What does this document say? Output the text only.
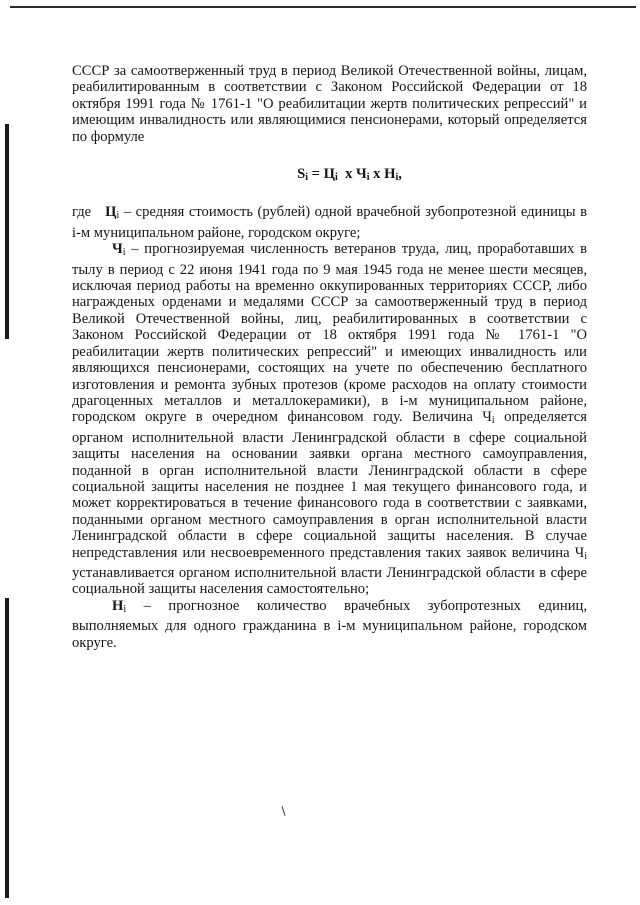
СССР за самоотверженный труд в период Великой Отечественной войны, лицам, реабилитированным в соответствии с Законом Российской Федерации от 18 октября 1991 года № 1761-1 "О реабилитации жертв политических репрессий" и имеющим инвалидность или являющимися пенсионерами, который определяется по формуле

$S_i = Ц_i$  x $Ч_i$ x $Н_i$,

где $Ц_i$ – средняя стоимость (рублей) одной врачебной зубопротезной единицы в i-м муниципальном районе, городском округе;

$Ч_i$ – прогнозируемая численность ветеранов труда, лиц, проработавших в тылу в период с 22 июня 1941 года по 9 мая 1945 года не менее шести месяцев, исключая период работы на временно оккупированных территориях СССР, либо награжденых орденами и медалями СССР за самоотверженный труд в период Великой Отечественной войны, лиц, реабилитированных в соответствии с Законом Российской Федерации от 18 октября 1991 года № 1761-1 "О реабилитации жертв политических репрессий" и имеющих инвалидность или являющихся пенсионерами, состоящих на учете по обеспечению бесплатного изготовления и ремонта зубных протезов (кроме расходов на оплату стоимости драгоценных металлов и металлокерамики), в i-м муниципальном районе, городском округе в очередном финансовом году. Величина $Ч_i$ определяется органом исполнительной власти Ленинградской области в сфере социальной защиты населения на основании заявки органа местного самоуправления, поданной в орган исполнительной власти Ленинградской области в сфере социальной защиты населения не позднее 1 мая текущего финансового года, и может корректироваться в течение финансового года в соответствии с заявками, поданными органом местного самоуправления в орган исполнительной власти Ленинградской области в сфере социальной защиты населения. В случае непредставления или несвоевременного представления таких заявок величина $Ч_i$ устанавливается органом исполнительной власти Ленинградской области в сфере социальной защиты населения самостоятельно;

$Н_i$ – прогнозное количество врачебных зубопротезных единиц, выполняемых для одного гражданина в i-м муниципальном районе, городском округе.
